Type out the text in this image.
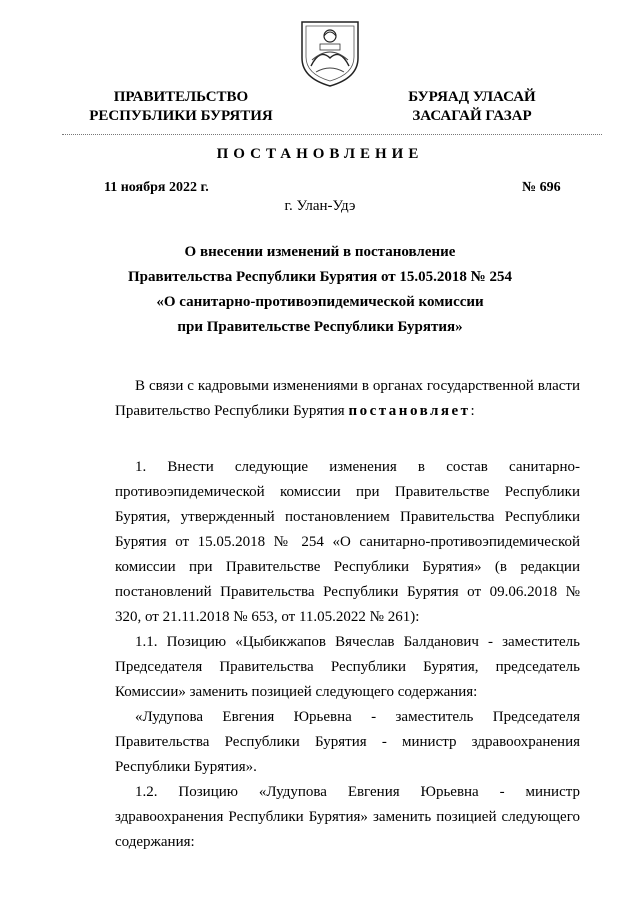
ПРАВИТЕЛЬСТВО
РЕСПУБЛИКИ БУРЯТИЯ
БУРЯАД УЛАСАЙ
ЗАСАГАЙ ГАЗАР
ПОСТАНОВЛЕНИЕ
11 ноября 2022 г.	№ 696
г. Улан-Удэ
О внесении изменений в постановление
Правительства Республики Бурятия от 15.05.2018 № 254
«О санитарно-противоэпидемической комиссии
при Правительстве Республики Бурятия»

В связи с кадровыми изменениями в органах государственной власти Правительство Республики Бурятия постановляет:

1. Внести следующие изменения в состав санитарно-противоэпидемической комиссии при Правительстве Республики Бурятия, утвержденный постановлением Правительства Республики Бурятия от 15.05.2018 № 254 «О санитарно-противоэпидемической комиссии при Правительстве Республики Бурятия» (в редакции постановлений Правительства Республики Бурятия от 09.06.2018 № 320, от 21.11.2018 № 653, от 11.05.2022 № 261):

1.1. Позицию «Цыбикжапов Вячеслав Балданович - заместитель Председателя Правительства Республики Бурятия, председатель Комиссии» заменить позицией следующего содержания:

«Лудупова Евгения Юрьевна - заместитель Председателя Правительства Республики Бурятия - министр здравоохранения Республики Бурятия».

1.2. Позицию «Лудупова Евгения Юрьевна - министр здравоохранения Республики Бурятия» заменить позицией следующего содержания:
